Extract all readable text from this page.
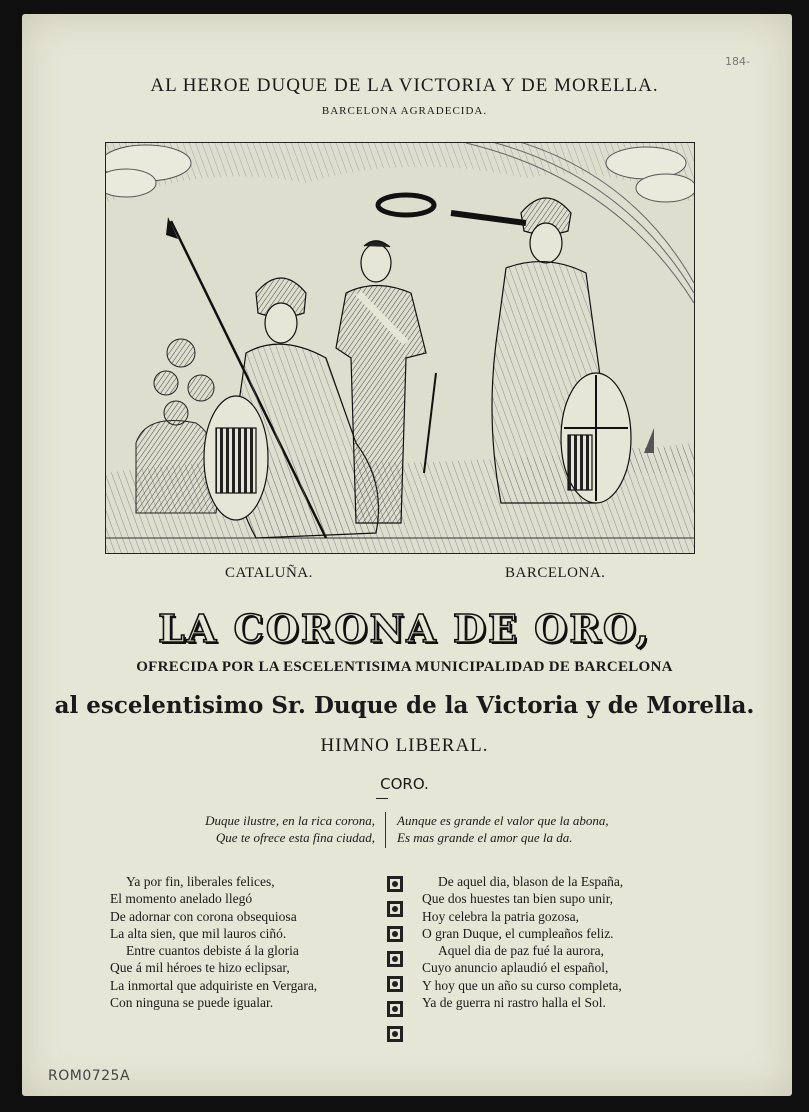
184-
AL HEROE DUQUE DE LA VICTORIA Y DE MORELLA.
BARCELONA AGRADECIDA.
CATALUÑA.	BARCELONA.
LA CORONA DE ORO,
OFRECIDA POR LA ESCELENTISIMA MUNICIPALIDAD DE BARCELONA
al escelentisimo Sr. Duque de la Victoria y de Morella.
HIMNO LIBERAL.
CORO.
Duque ilustre, en la rica corona,
Que te ofrece esta fina ciudad,
Aunque es grande el valor que la abona,
Es mas grande el amor que la da.
Ya por fin, liberales felices,
El momento anelado llegó
De adornar con corona obsequiosa
La alta sien, que mil lauros ciñó.
Entre cuantos debiste á la gloria
Que á mil héroes te hizo eclipsar,
La inmortal que adquiriste en Vergara,
Con ninguna se puede igualar.
De aquel dia, blason de la España,
Que dos huestes tan bien supo unir,
Hoy celebra la patria gozosa,
O gran Duque, el cumpleaños feliz.
Aquel dia de paz fué la aurora,
Cuyo anuncio aplaudió el español,
Y hoy que un año su curso completa,
Ya de guerra ni rastro halla el Sol.
ROM0725A
